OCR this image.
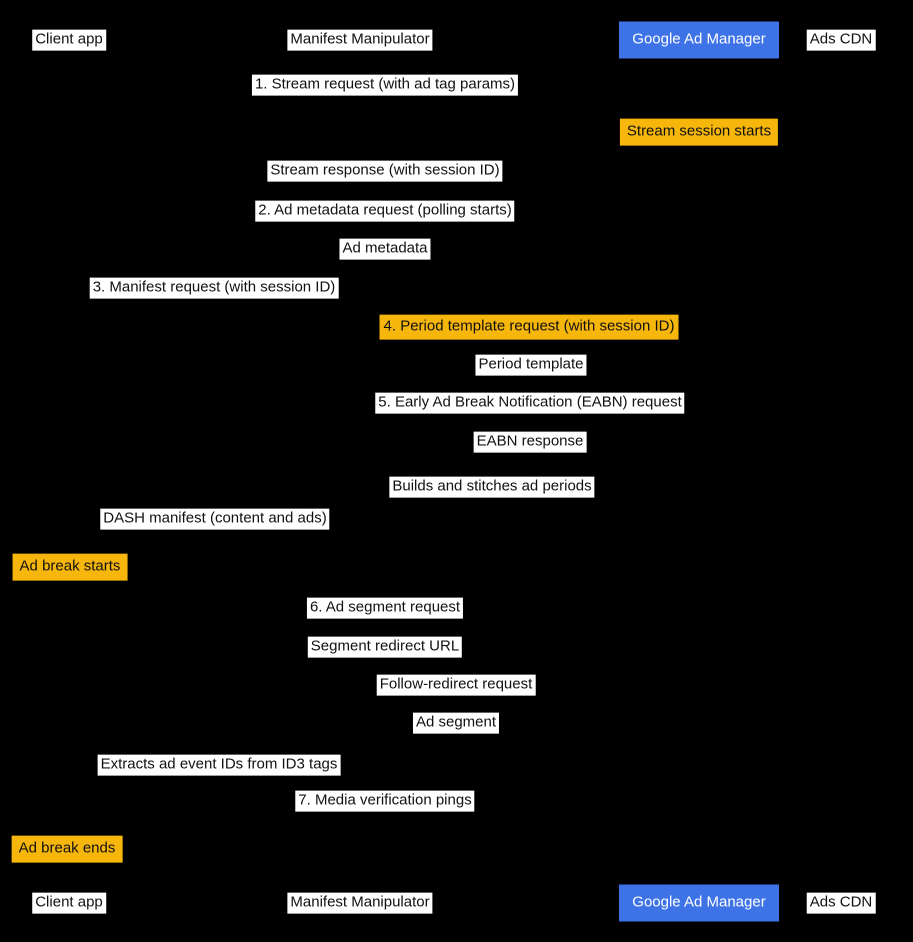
Client app	Manifest Manipulator	Google Ad Manager	Ads CDN
1. Stream request (with ad tag params)
Stream session starts
Stream response (with session ID)
2. Ad metadata request (polling starts)
Ad metadata
3. Manifest request (with session ID)
4. Period template request (with session ID)
Period template
5. Early Ad Break Notification (EABN) request
EABN response
Builds and stitches ad periods
DASH manifest (content and ads)
Ad break starts
6. Ad segment request
Segment redirect URL
Follow-redirect request
Ad segment
Extracts ad event IDs from ID3 tags
7. Media verification pings
Ad break ends
Client app	Manifest Manipulator	Google Ad Manager	Ads CDN
